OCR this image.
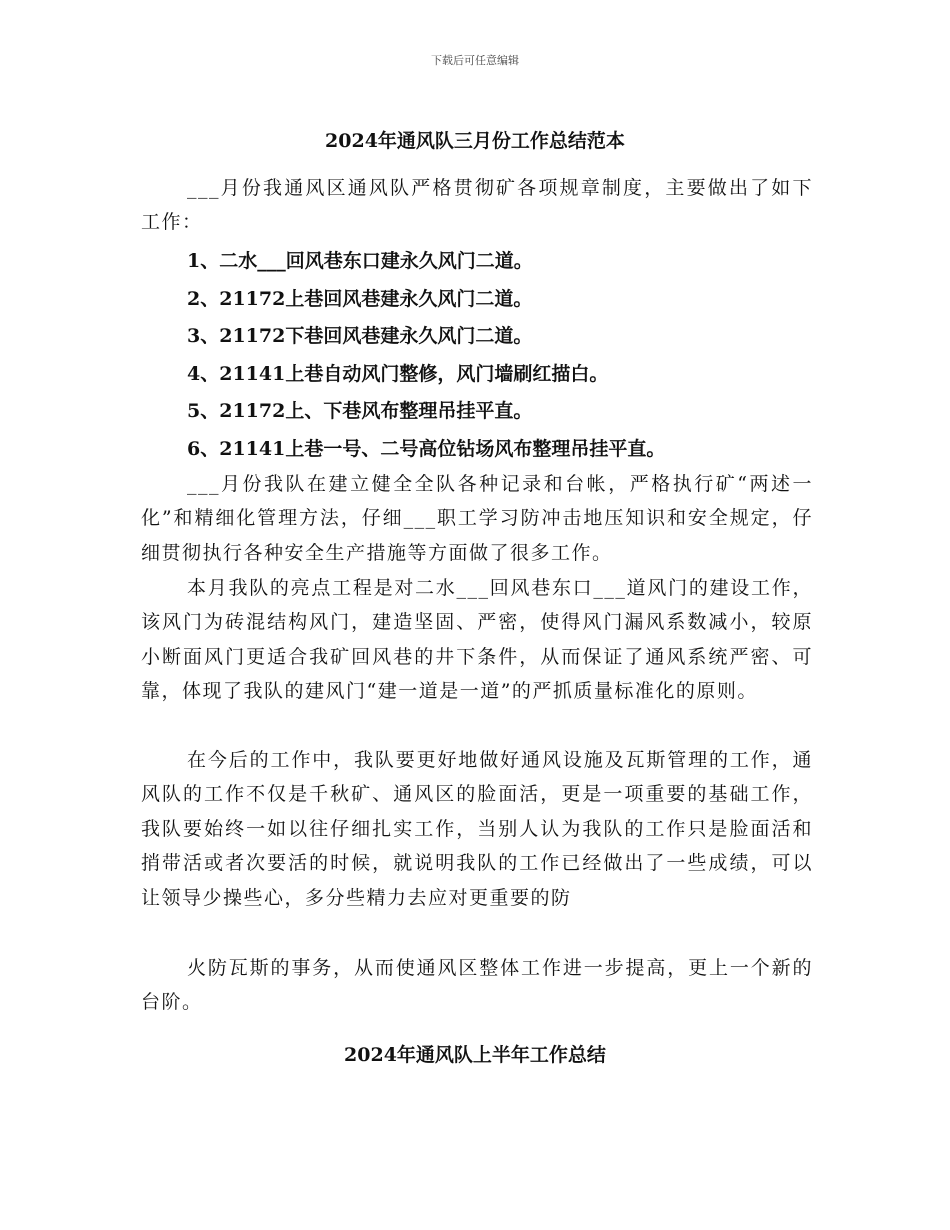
下载后可任意编辑
2024年通风队三月份工作总结范本

___月份我通风区通风队严格贯彻矿各项规章制度，主要做出了如下工作：

1、二水___回风巷东口建永久风门二道。
2、21172上巷回风巷建永久风门二道。
3、21172下巷回风巷建永久风门二道。
4、21141上巷自动风门整修，风门墙刷红描白。
5、21172上、下巷风布整理吊挂平直。
6、21141上巷一号、二号高位钻场风布整理吊挂平直。

___月份我队在建立健全全队各种记录和台帐，严格执行矿“两述一化”和精细化管理方法，仔细___职工学习防冲击地压知识和安全规定，仔细贯彻执行各种安全生产措施等方面做了很多工作。

本月我队的亮点工程是对二水___回风巷东口___道风门的建设工作，该风门为砖混结构风门，建造坚固、严密，使得风门漏风系数减小，较原小断面风门更适合我矿回风巷的井下条件，从而保证了通风系统严密、可靠，体现了我队的建风门“建一道是一道”的严抓质量标准化的原则。

在今后的工作中，我队要更好地做好通风设施及瓦斯管理的工作，通风队的工作不仅是千秋矿、通风区的脸面活，更是一项重要的基础工作，我队要始终一如以往仔细扎实工作，当别人认为我队的工作只是脸面活和捎带活或者次要活的时候，就说明我队的工作已经做出了一些成绩，可以让领导少操些心，多分些精力去应对更重要的防

火防瓦斯的事务，从而使通风区整体工作进一步提高，更上一个新的台阶。

2024年通风队上半年工作总结
